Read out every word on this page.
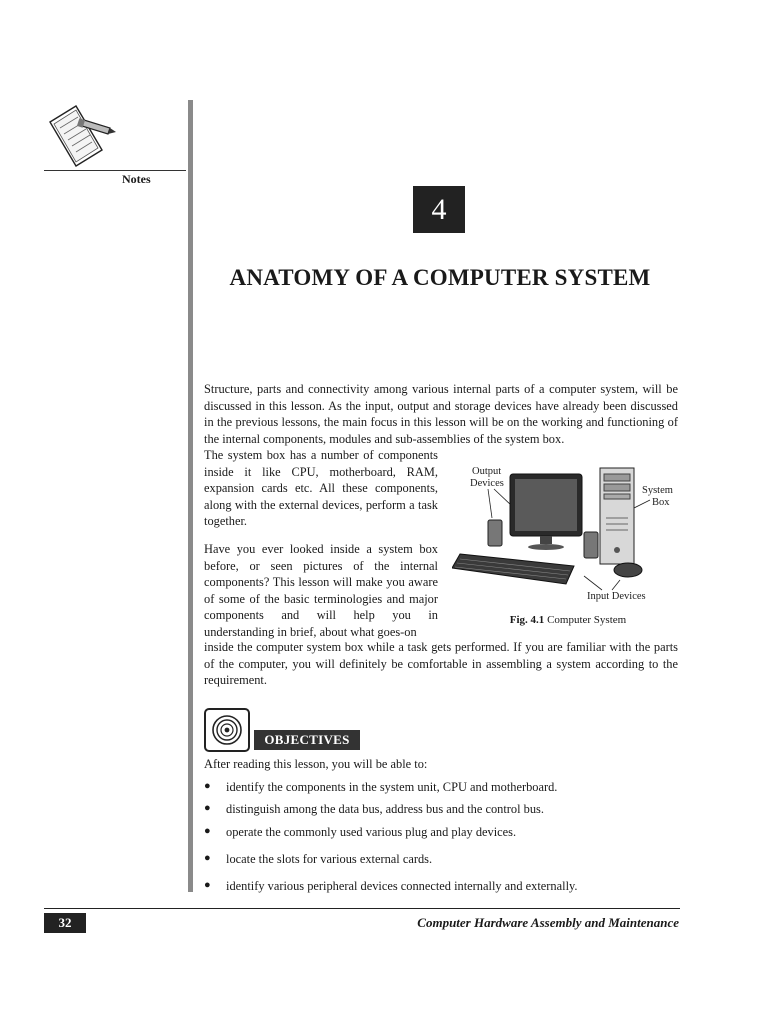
Notes
4
ANATOMY OF A COMPUTER SYSTEM
Structure, parts and connectivity among various internal parts of a computer system, will be discussed in this lesson. As the input, output and storage devices have already been discussed in the previous lessons, the main focus in this lesson will be on the working and functioning of the internal components, modules and sub-assemblies of the system box.
The system box has a number of components inside it like CPU, motherboard, RAM, expansion cards etc. All these components, along with the external devices, perform a task together.
Have you ever looked inside a system box before, or seen pictures of the internal components? This lesson will make you aware of some of the basic terminologies and major components and will help you in understanding in brief, about what goes-on
inside the computer system box while a task gets performed. If you are familiar with the parts of the computer, you will definitely be comfortable in assembling a system according to the requirement.
Output
Devices
System
Box
Input Devices
Fig. 4.1 Computer System
OBJECTIVES
After reading this lesson, you will be able to:
●	identify the components in the system unit, CPU and motherboard.
●	distinguish among the data bus, address bus and the control bus.
●	operate the commonly used various plug and play devices.
●	locate the slots for various external cards.
●	identify various peripheral devices connected internally and externally.
32	Computer Hardware Assembly and Maintenance
